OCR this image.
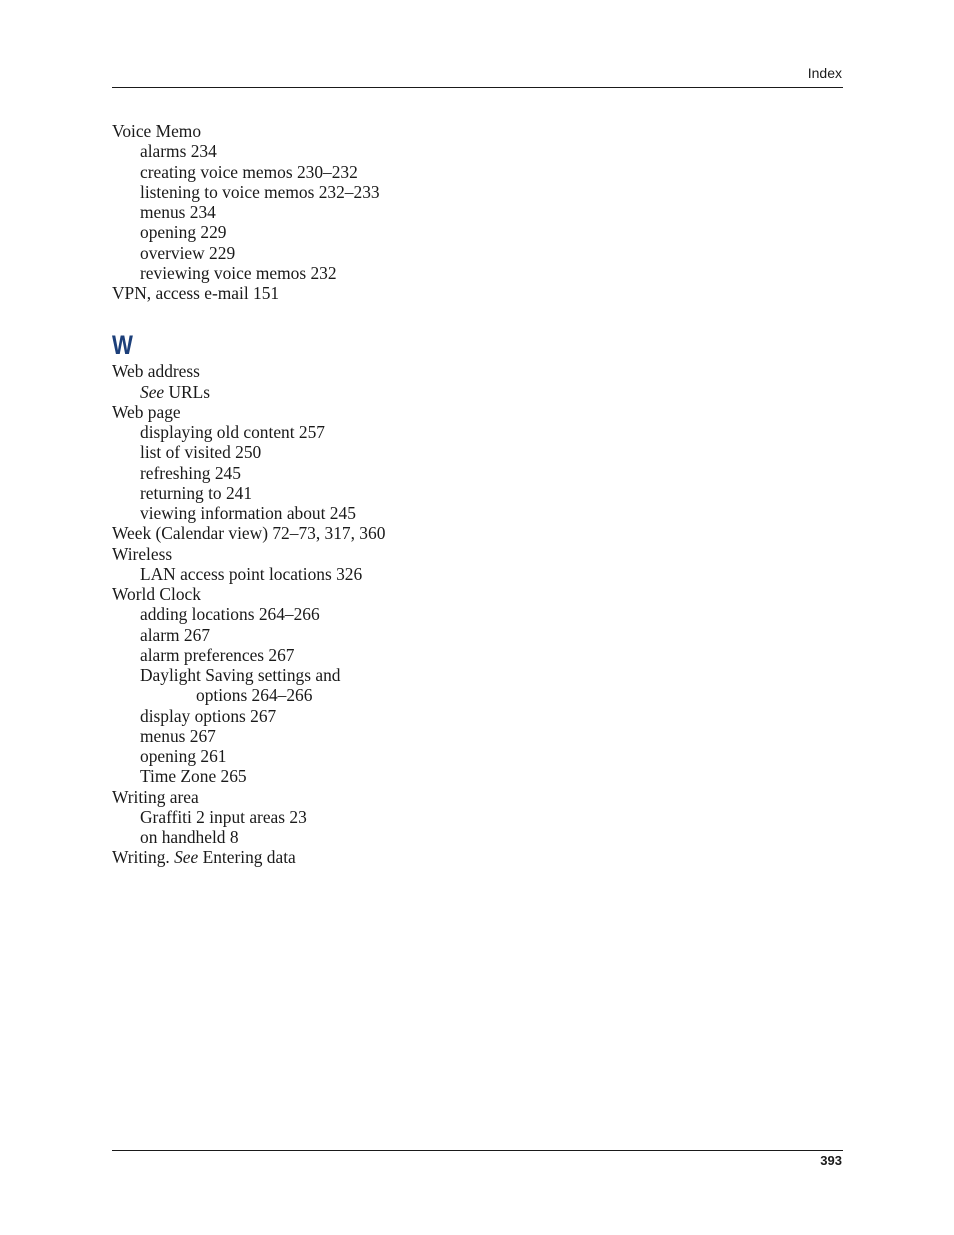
Index
Voice Memo
alarms 234
creating voice memos 230–232
listening to voice memos 232–233
menus 234
opening 229
overview 229
reviewing voice memos 232
VPN, access e-mail 151
W
Web address
See URLs
Web page
displaying old content 257
list of visited 250
refreshing 245
returning to 241
viewing information about 245
Week (Calendar view) 72–73, 317, 360
Wireless
LAN access point locations 326
World Clock
adding locations 264–266
alarm 267
alarm preferences 267
Daylight Saving settings and
options 264–266
display options 267
menus 267
opening 261
Time Zone 265
Writing area
Graffiti 2 input areas 23
on handheld 8
Writing. See Entering data
393
